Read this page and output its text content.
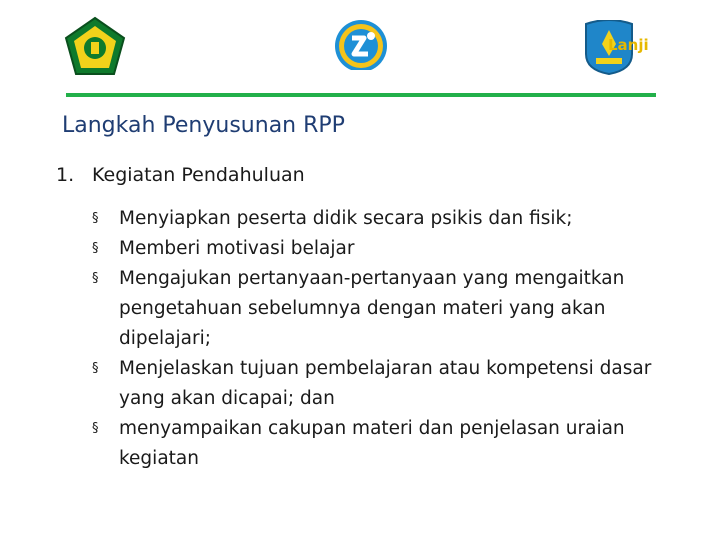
Lanji
Langkah Penyusunan RPP
1. Kegiatan Pendahuluan
§ Menyiapkan peserta didik secara psikis dan fisik;
§ Memberi motivasi belajar
§ Mengajukan pertanyaan-pertanyaan yang mengaitkan pengetahuan sebelumnya dengan materi yang akan dipelajari;
§ Menjelaskan tujuan pembelajaran atau kompetensi dasar yang akan dicapai; dan
§ menyampaikan cakupan materi dan penjelasan uraian kegiatan
